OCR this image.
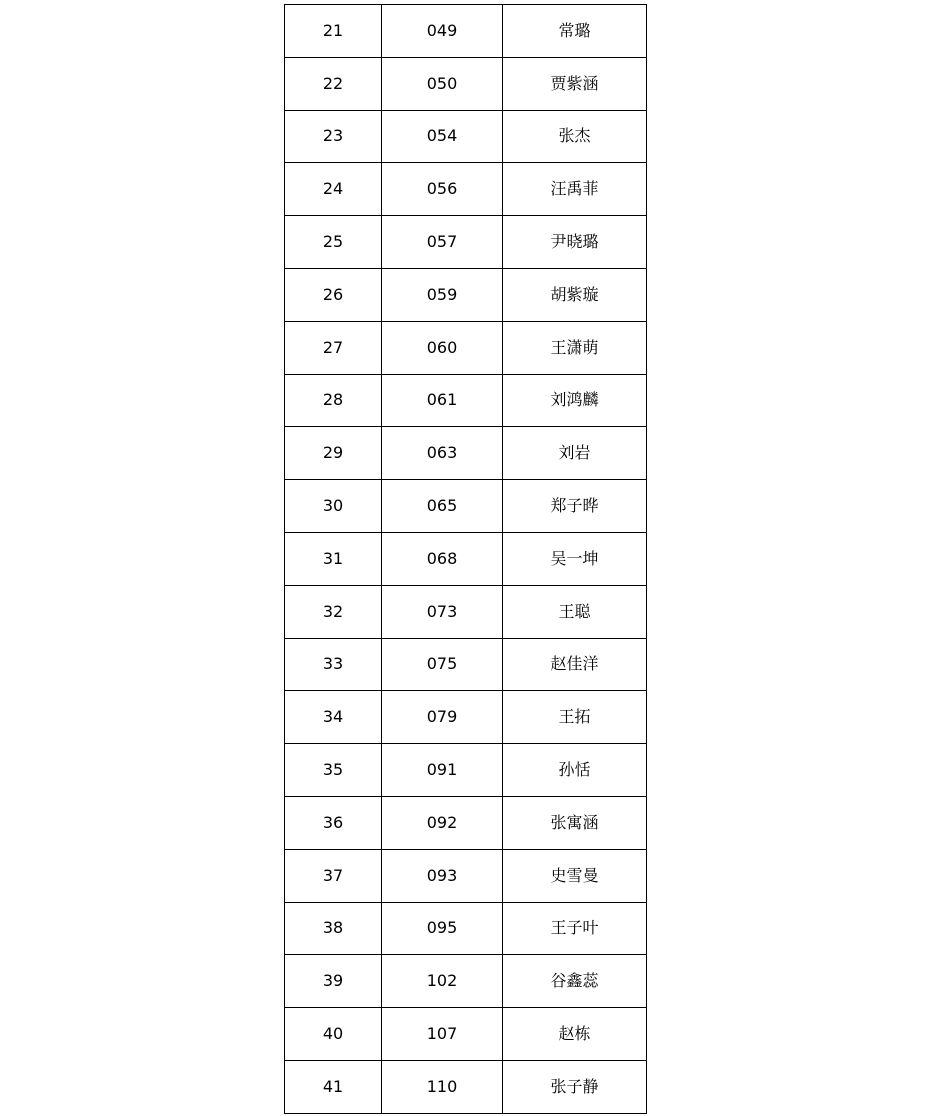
21	049	常璐
22	050	贾紫涵
23	054	张杰
24	056	汪禹菲
25	057	尹晓璐
26	059	胡紫璇
27	060	王潇萌
28	061	刘鸿麟
29	063	刘岩
30	065	郑子晔
31	068	吴一坤
32	073	王聪
33	075	赵佳洋
34	079	王拓
35	091	孙恬
36	092	张寓涵
37	093	史雪曼
38	095	王子叶
39	102	谷鑫蕊
40	107	赵栋
41	110	张子静
